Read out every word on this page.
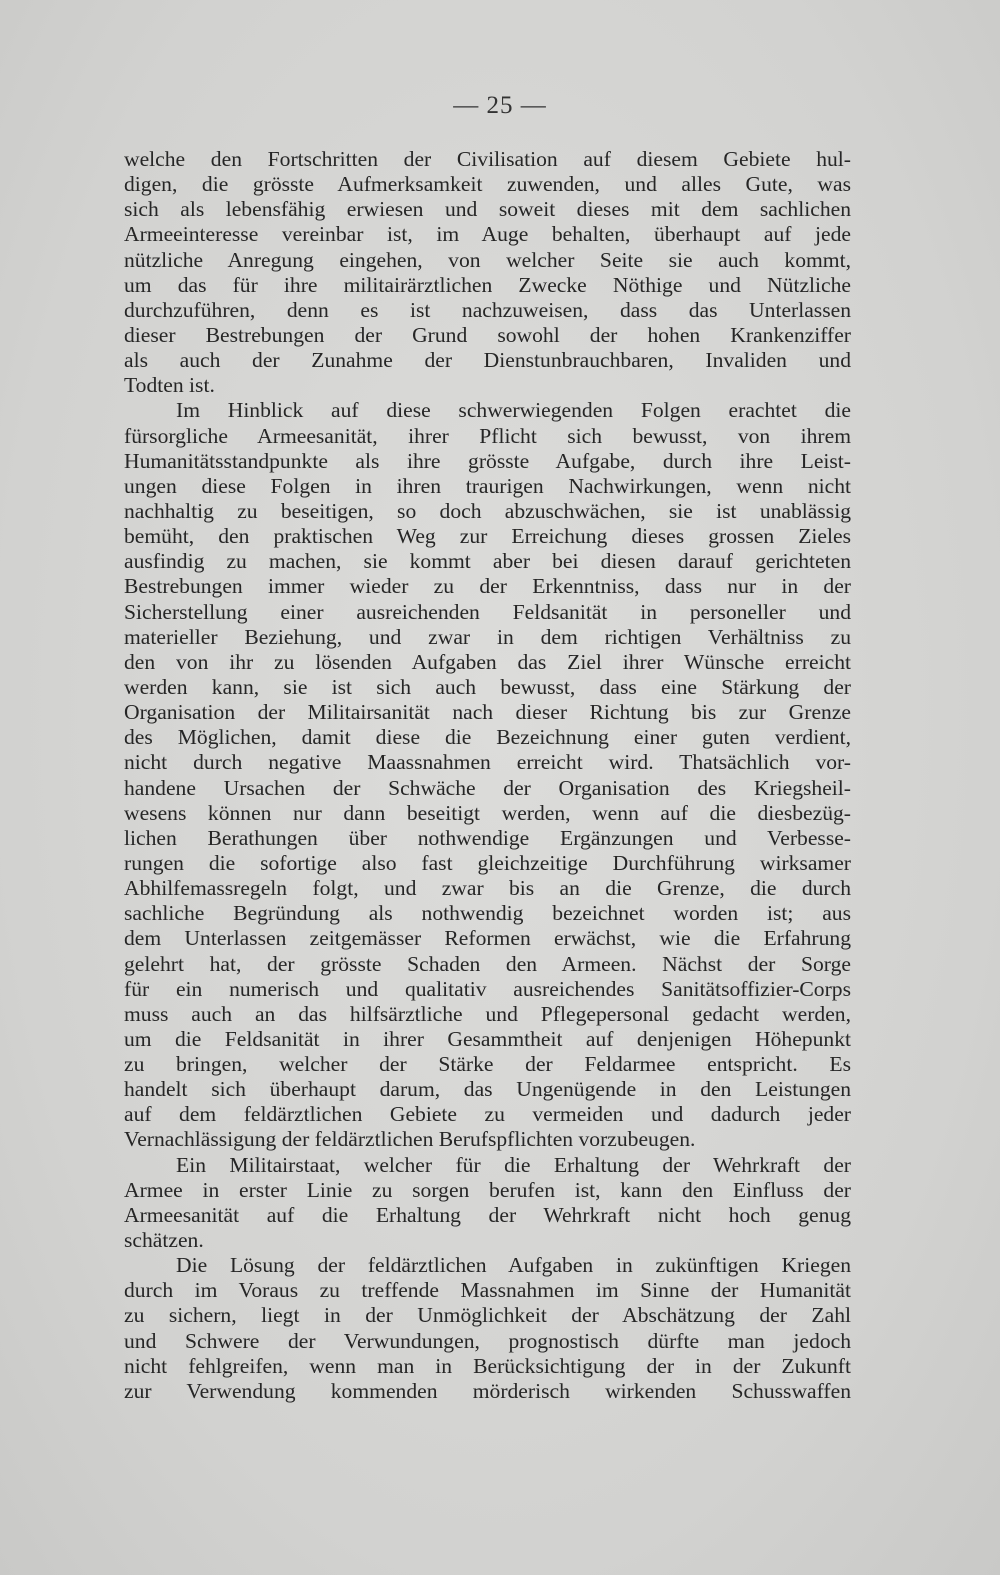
— 25 —
welche den Fortschritten der Civilisation auf diesem Gebiete hul-
digen, die grösste Aufmerksamkeit zuwenden, und alles Gute, was
sich als lebensfähig erwiesen und soweit dieses mit dem sachlichen
Armeeinteresse vereinbar ist, im Auge behalten, überhaupt auf jede
nützliche Anregung eingehen, von welcher Seite sie auch kommt,
um das für ihre militairärztlichen Zwecke Nöthige und Nützliche
durchzuführen, denn es ist nachzuweisen, dass das Unterlassen
dieser Bestrebungen der Grund sowohl der hohen Krankenziffer
als auch der Zunahme der Dienstunbrauchbaren, Invaliden und
Todten ist.
Im Hinblick auf diese schwerwiegenden Folgen erachtet die
fürsorgliche Armeesanität, ihrer Pflicht sich bewusst, von ihrem
Humanitätsstandpunkte als ihre grösste Aufgabe, durch ihre Leist-
ungen diese Folgen in ihren traurigen Nachwirkungen, wenn nicht
nachhaltig zu beseitigen, so doch abzuschwächen, sie ist unablässig
bemüht, den praktischen Weg zur Erreichung dieses grossen Zieles
ausfindig zu machen, sie kommt aber bei diesen darauf gerichteten
Bestrebungen immer wieder zu der Erkenntniss, dass nur in der
Sicherstellung einer ausreichenden Feldsanität in personeller und
materieller Beziehung, und zwar in dem richtigen Verhältniss zu
den von ihr zu lösenden Aufgaben das Ziel ihrer Wünsche erreicht
werden kann, sie ist sich auch bewusst, dass eine Stärkung der
Organisation der Militairsanität nach dieser Richtung bis zur Grenze
des Möglichen, damit diese die Bezeichnung einer guten verdient,
nicht durch negative Maassnahmen erreicht wird. Thatsächlich vor-
handene Ursachen der Schwäche der Organisation des Kriegsheil-
wesens können nur dann beseitigt werden, wenn auf die diesbezüg-
lichen Berathungen über nothwendige Ergänzungen und Verbesse-
rungen die sofortige also fast gleichzeitige Durchführung wirksamer
Abhilfemassregeln folgt, und zwar bis an die Grenze, die durch
sachliche Begründung als nothwendig bezeichnet worden ist; aus
dem Unterlassen zeitgemässer Reformen erwächst, wie die Erfahrung
gelehrt hat, der grösste Schaden den Armeen. Nächst der Sorge
für ein numerisch und qualitativ ausreichendes Sanitätsoffizier-Corps
muss auch an das hilfsärztliche und Pflegepersonal gedacht werden,
um die Feldsanität in ihrer Gesammtheit auf denjenigen Höhepunkt
zu bringen, welcher der Stärke der Feldarmee entspricht. Es
handelt sich überhaupt darum, das Ungenügende in den Leistungen
auf dem feldärztlichen Gebiete zu vermeiden und dadurch jeder
Vernachlässigung der feldärztlichen Berufspflichten vorzubeugen.
Ein Militairstaat, welcher für die Erhaltung der Wehrkraft der
Armee in erster Linie zu sorgen berufen ist, kann den Einfluss der
Armeesanität auf die Erhaltung der Wehrkraft nicht hoch genug
schätzen.
Die Lösung der feldärztlichen Aufgaben in zukünftigen Kriegen
durch im Voraus zu treffende Massnahmen im Sinne der Humanität
zu sichern, liegt in der Unmöglichkeit der Abschätzung der Zahl
und Schwere der Verwundungen, prognostisch dürfte man jedoch
nicht fehlgreifen, wenn man in Berücksichtigung der in der Zukunft
zur Verwendung kommenden mörderisch wirkenden Schusswaffen
